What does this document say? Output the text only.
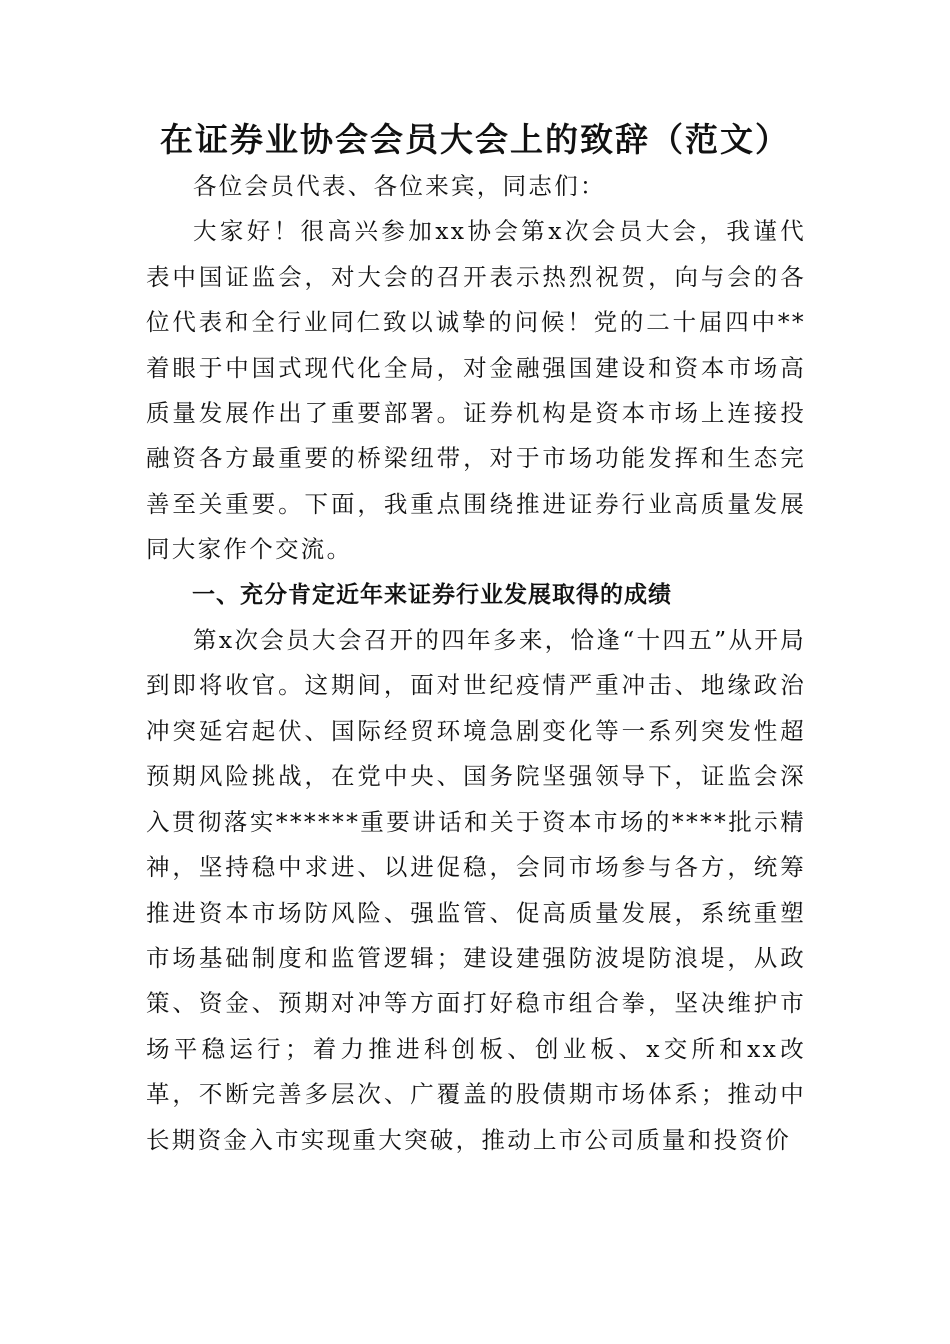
在证券业协会会员大会上的致辞（范文）

各位会员代表、各位来宾，同志们：

大家好！很高兴参加xx协会第x次会员大会，我谨代表中国证监会，对大会的召开表示热烈祝贺，向与会的各位代表和全行业同仁致以诚挚的问候！党的二十届四中**着眼于中国式现代化全局，对金融强国建设和资本市场高质量发展作出了重要部署。证券机构是资本市场上连接投融资各方最重要的桥梁纽带，对于市场功能发挥和生态完善至关重要。下面，我重点围绕推进证券行业高质量发展同大家作个交流。

一、充分肯定近年来证券行业发展取得的成绩

第x次会员大会召开的四年多来，恰逢“十四五”从开局到即将收官。这期间，面对世纪疫情严重冲击、地缘政治冲突延宕起伏、国际经贸环境急剧变化等一系列突发性超预期风险挑战，在党中央、国务院坚强领导下，证监会深入贯彻落实******重要讲话和关于资本市场的****批示精神，坚持稳中求进、以进促稳，会同市场参与各方，统筹推进资本市场防风险、强监管、促高质量发展，系统重塑市场基础制度和监管逻辑；建设建强防波堤防浪堤，从政策、资金、预期对冲等方面打好稳市组合拳，坚决维护市场平稳运行；着力推进科创板、创业板、x交所和xx改革，不断完善多层次、广覆盖的股债期市场体系；推动中长期资金入市实现重大突破，推动上市公司质量和投资价
